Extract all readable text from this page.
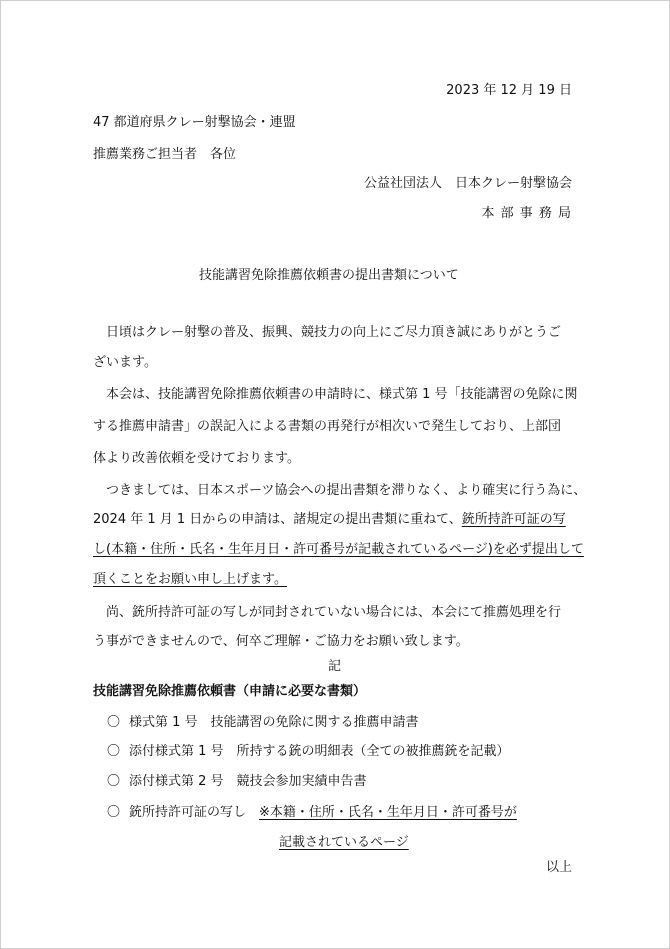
2023 年 12 月 19 日
47 都道府県クレー射撃協会・連盟
推薦業務ご担当者　各位
公益社団法人　日本クレー射撃協会
本 部 事 務 局
技能講習免除推薦依頼書の提出書類について
　日頃はクレー射撃の普及、振興、競技力の向上にご尽力頂き誠にありがとうご
ざいます。
　本会は、技能講習免除推薦依頼書の申請時に、様式第 1 号「技能講習の免除に関
する推薦申請書」の誤記入による書類の再発行が相次いで発生しており、上部団
体より改善依頼を受けております。
　つきましては、日本スポーツ協会への提出書類を滞りなく、より確実に行う為に、
2024 年 1 月 1 日からの申請は、諸規定の提出書類に重ねて、銃所持許可証の写
し(本籍・住所・氏名・生年月日・許可番号が記載されているページ)を必ず提出して
頂くことをお願い申し上げます。
　尚、銃所持許可証の写しが同封されていない場合には、本会にて推薦処理を行
う事ができませんので、何卒ご理解・ご協力をお願い致します。
記
技能講習免除推薦依頼書（申請に必要な書類）
〇 様式第 1 号　技能講習の免除に関する推薦申請書
〇 添付様式第 1 号　所持する銃の明細表（全ての被推薦銃を記載）
〇 添付様式第 2 号　競技会参加実績申告書
〇 銃所持許可証の写し　※本籍・住所・氏名・生年月日・許可番号が
記載されているページ
以上
